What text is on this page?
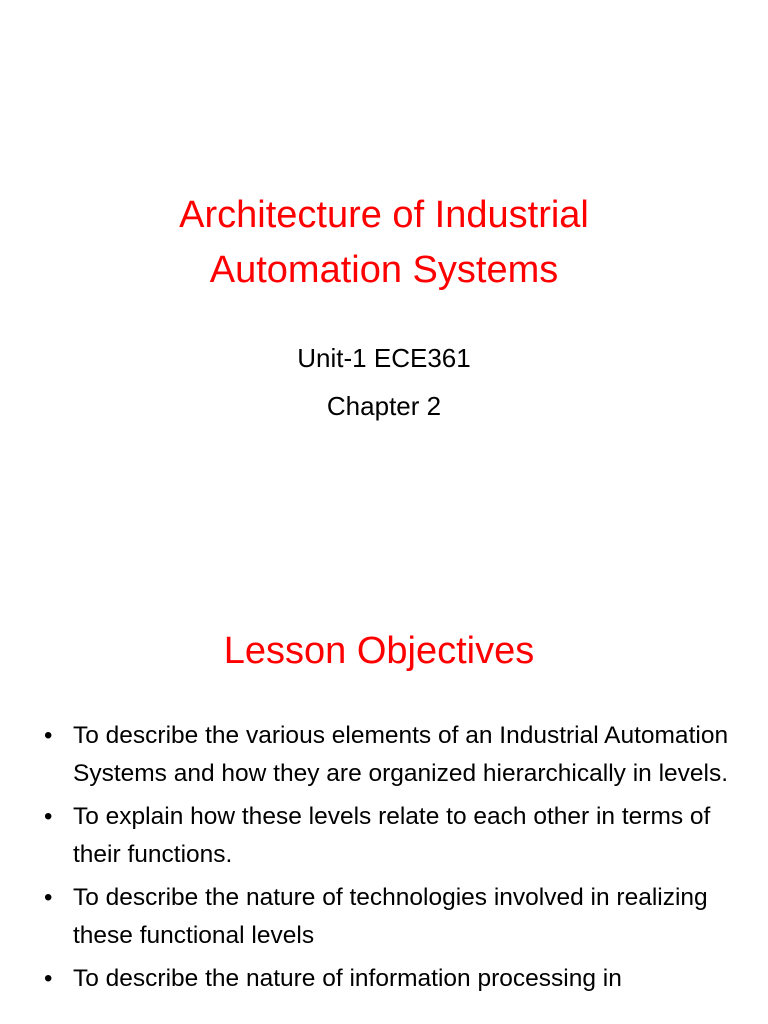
Architecture of Industrial
Automation Systems
Unit-1 ECE361
Chapter 2
Lesson Objectives
• To describe the various elements of an Industrial Automation Systems and how they are organized hierarchically in levels.
• To explain how these levels relate to each other in terms of their functions.
• To describe the nature of technologies involved in realizing these functional levels
• To describe the nature of information processing in
